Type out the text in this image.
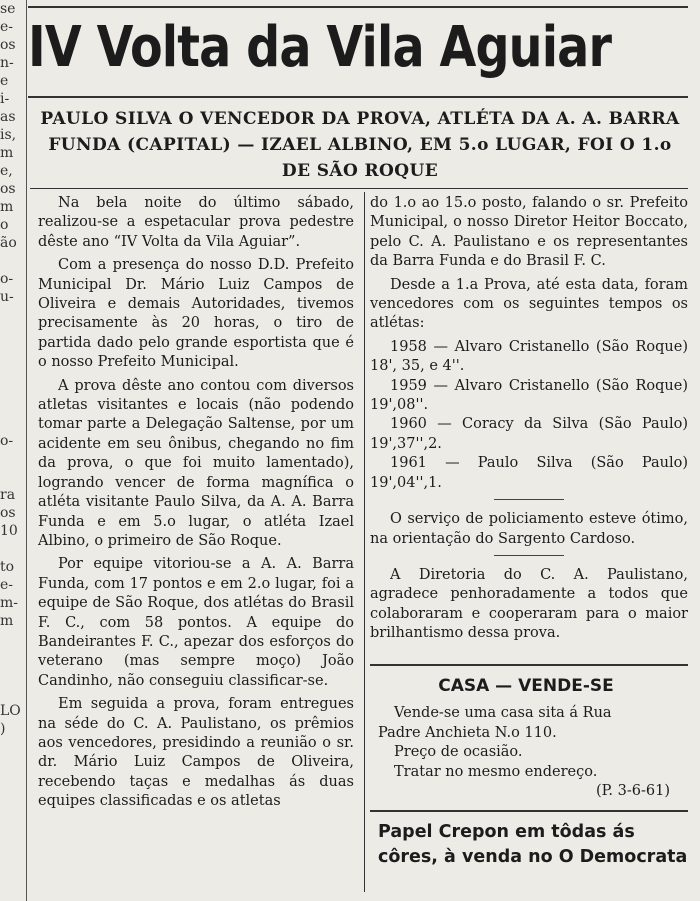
se
e-
os
n-
e
i-
as
is,
m
e,
os
m
o
ão

o-
u-

o-

ra
os
10

to
e-
m-
m

LO
)
IV Volta da Vila Aguiar
PAULO SILVA O VENCEDOR DA PROVA, ATLÉTA DA A. A. BARRA FUNDA (CAPITAL) — IZAEL ALBINO, EM 5.o LUGAR, FOI O 1.o DE SÃO ROQUE

Na bela noite do último sábado, realizou-se a espetacular prova pedestre dêste ano “IV Volta da Vila Aguiar”.

Com a presença do nosso D.D. Prefeito Municipal Dr. Mário Luiz Campos de Oliveira e demais Autoridades, tivemos precisamente às 20 horas, o tiro de partida dado pelo grande esportista que é o nosso Prefeito Municipal.

A prova dêste ano contou com diversos atletas visitantes e locais (não podendo tomar parte a Delegação Saltense, por um acidente em seu ônibus, chegando no fim da prova, o que foi muito lamentado), logrando vencer de forma magnífica o atléta visitante Paulo Silva, da A. A. Barra Funda e em 5.o lugar, o atléta Izael Albino, o primeiro de São Roque.

Por equipe vitoriou-se a A. A. Barra Funda, com 17 pontos e em 2.o lugar, foi a equipe de São Roque, dos atlétas do Brasil F. C., com 58 pontos. A equipe do Bandeirantes F. C., apezar dos esforços do veterano (mas sempre moço) João Candinho, não conseguiu classificar-se.

Em seguida a prova, foram entregues na séde do C. A. Paulistano, os prêmios aos vencedores, presidindo a reunião o sr. dr. Mário Luiz Campos de Oliveira, recebendo taças e medalhas ás duas equipes classificadas e os atletas

do 1.o ao 15.o posto, falando o sr. Prefeito Municipal, o nosso Diretor Heitor Boccato, pelo C. A. Paulistano e os representantes da Barra Funda e do Brasil F. C.

Desde a 1.a Prova, até esta data, foram vencedores com os seguintes tempos os atlétas:

1958 — Alvaro Cristanello (São Roque) 18', 35, e 4''.

1959 — Alvaro Cristanello (São Roque) 19',08''.

1960 — Coracy da Silva (São Paulo) 19',37'',2.

1961 — Paulo Silva (São Paulo) 19',04'',1.

O serviço de policiamento esteve ótimo, na orientação do Sargento Cardoso.

A Diretoria do C. A. Paulistano, agradece penhoradamente a todos que colaboraram e cooperaram para o maior brilhantismo dessa prova.

CASA — VENDE-SE
Vende-se uma casa sita á Rua
Padre Anchieta N.o 110.
Preço de ocasião.
Tratar no mesmo endereço.
(P. 3-6-61)
Papel Crepon em tôdas ás côres, à venda no O Democrata
